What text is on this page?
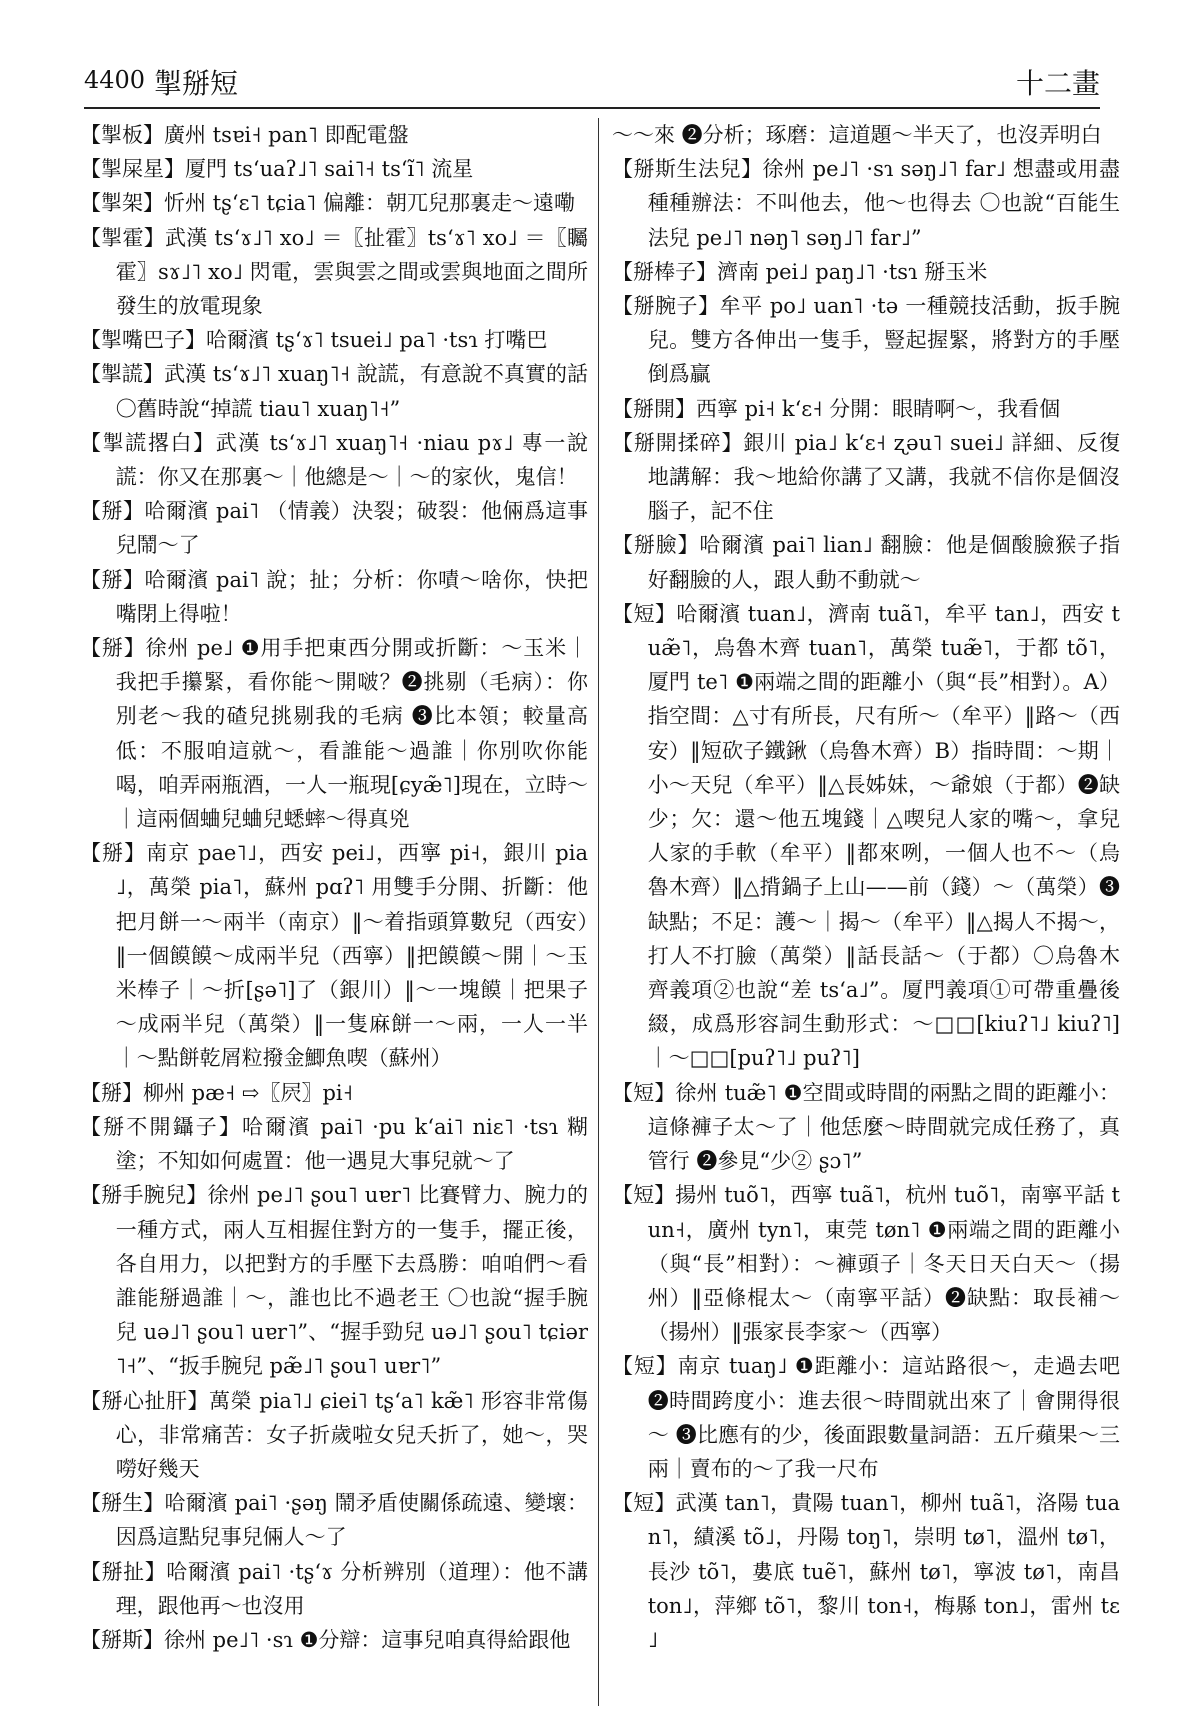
4400 掣掰短	十二畫
【掣板】廣州 tsɐi˧ pan˥ 即配電盤
【掣屎星】厦門 tsʻuaʔ˩˥ sai˥˧ tsʻĩ˥ 流星
【掣架】忻州 tʂʻɛ˥ tɕia˥ 偏離：朝兀兒那裏走～遠嘞
【掣霍】武漢 tsʻɤ˩˥ xo˩ ＝〖扯霍〗tsʻɤ˥ xo˩ ＝〖矚霍〗sɤ˩˥ xo˩ 閃電，雲與雲之間或雲與地面之間所發生的放電現象
【掣嘴巴子】哈爾濱 tʂʻɤ˥ tsuei˩ pa˥ ·tsɿ 打嘴巴
【掣謊】武漢 tsʻɤ˩˥ xuaŋ˥˧ 說謊，有意說不真實的話 〇舊時說“掉謊 tiau˥ xuaŋ˥˧”
【掣謊撂白】武漢 tsʻɤ˩˥ xuaŋ˥˧ ·niau pɤ˩ 專一說謊：你又在那裏～｜他總是～｜～的家伙，鬼信！
【掰】哈爾濱 pai˥ （情義）決裂；破裂：他倆爲這事兒鬧～了
【掰】哈爾濱 pai˥ 說；扯；分析：你嘖～啥你，快把嘴閉上得啦！
【掰】徐州 pe˩ ❶用手把東西分開或折斷：～玉米｜我把手攥緊，看你能～開啵？❷挑剔（毛病）：你別老～我的碴兒挑剔我的毛病 ❸比本領；較量高低：不服咱這就～，看誰能～過誰｜你別吹你能喝，咱弄兩瓶酒，一人一瓶現[ɕyæ̃˥]現在，立時～｜這兩個蛐兒蛐兒蟋蟀～得真兇
【掰】南京 pae˥˩，西安 pei˩，西寧 pi˧，銀川 pia˩，萬榮 pia˥，蘇州 pɑʔ˥ 用雙手分開、折斷：他把月餅一～兩半（南京）‖～着指頭算數兒（西安）‖一個饃饃～成兩半兒（西寧）‖把饃饃～開｜～玉米棒子｜～折[ʂə˥]了（銀川）‖～一塊饃｜把果子～成兩半兒（萬榮）‖一隻麻餅一～兩，一人一半｜～點餅乾屑粒撥金鯽魚喫（蘇州）
【掰】柳州 pæ˧ ⇨〖屄〗pi˧
【掰不開鑷子】哈爾濱 pai˥ ·pu kʻai˥ niɛ˥ ·tsɿ 糊塗；不知如何處置：他一遇見大事兒就～了
【掰手腕兒】徐州 pe˩˥ ʂou˥ uɐr˥ 比賽臂力、腕力的一種方式，兩人互相握住對方的一隻手，擺正後，各自用力，以把對方的手壓下去爲勝：咱咱們～看誰能掰過誰｜～，誰也比不過老王 〇也說“握手腕兒 uə˩˥ ʂou˥ uɐr˥”、“握手勁兒 uə˩˥ ʂou˥ tɕiər˥˧”、“扳手腕兒 pæ̃˩˥ ʂou˥ uɐr˥”
【掰心扯肝】萬榮 pia˥˩ ɕiei˥ tʂʻa˥ kæ̃˥ 形容非常傷心，非常痛苦：女子折歲啦女兒夭折了，她～，哭嘮好幾天
【掰生】哈爾濱 pai˥ ·ʂəŋ 鬧矛盾使關係疏遠、變壞：因爲這點兒事兒倆人～了
【掰扯】哈爾濱 pai˥ ·tʂʻɤ 分析辨別（道理）：他不講理，跟他再～也沒用
【掰斯】徐州 pe˩˥ ·sɿ ❶分辯：這事兒咱真得給跟他
～～來 ❷分析；琢磨：這道題～半天了，也沒弄明白
【掰斯生法兒】徐州 pe˩˥ ·sɿ səŋ˩˥ far˩ 想盡或用盡種種辦法：不叫他去，他～也得去 〇也說“百能生法兒 pe˩˥ nəŋ˥ səŋ˩˥ far˩”
【掰棒子】濟南 pei˩ paŋ˩˥ ·tsɿ 掰玉米
【掰腕子】牟平 po˩ uan˥ ·tə 一種競技活動，扳手腕兒。雙方各伸出一隻手，豎起握緊，將對方的手壓倒爲贏
【掰開】西寧 pi˧ kʻɛ˧ 分開：眼睛啊～，我看個
【掰開揉碎】銀川 pia˩ kʻɛ˧ ʐəu˥ suei˩ 詳細、反復地講解：我～地給你講了又講，我就不信你是個沒腦子，記不住
【掰臉】哈爾濱 pai˥ lian˩ 翻臉：他是個酸臉猴子指好翻臉的人，跟人動不動就～
【短】哈爾濱 tuan˩，濟南 tuã˥，牟平 tan˩，西安 tuæ̃˥，烏魯木齊 tuan˥，萬榮 tuæ̃˥，于都 tõ˥，厦門 te˥ ❶兩端之間的距離小（與“長”相對）。A）指空間：△寸有所長，尺有所～（牟平）‖路～（西安）‖短砍子鐵鍬（烏魯木齊）B）指時間：～期｜小～天兒（牟平）‖△長姊妹，～爺娘（于都）❷缺少；欠：還～他五塊錢｜△喫兒人家的嘴～，拿兒人家的手軟（牟平）‖都來咧，一個人也不～（烏魯木齊）‖△揹鍋子上山——前（錢）～（萬榮）❸缺點；不足：護～｜揭～（牟平）‖△揭人不揭～，打人不打臉（萬榮）‖話長話～（于都）〇烏魯木齊義項②也說“差 tsʻa˩”。厦門義項①可帶重疊後綴，成爲形容詞生動形式：～□□[kiuʔ˥˩ kiuʔ˥]｜～□□[puʔ˥˩ puʔ˥]
【短】徐州 tuæ̃˥ ❶空間或時間的兩點之間的距離小：這條褲子太～了｜他恁麼～時間就完成任務了，真管行 ❷參見“少② ʂɔ˥”
【短】揚州 tuõ˥，西寧 tuã˥，杭州 tuõ˥，南寧平話 tun˧，廣州 tyn˥，東莞 tøn˥ ❶兩端之間的距離小（與“長”相對）：～褲頭子｜冬天日天白天～（揚州）‖亞條棍太～（南寧平話）❷缺點：取長補～（揚州）‖張家長李家～（西寧）
【短】南京 tuaŋ˩ ❶距離小：這站路很～，走過去吧 ❷時間跨度小：進去很～時間就出來了｜會開得很～ ❸比應有的少，後面跟數量詞語：五斤蘋果～三兩｜賣布的～了我一尺布
【短】武漢 tan˥，貴陽 tuan˥，柳州 tuã˥，洛陽 tuan˥，績溪 tõ˩，丹陽 toŋ˥，崇明 tø˥，溫州 tø˥，長沙 tõ˥，婁底 tuẽ˥，蘇州 tø˥，寧波 tø˥，南昌 ton˩，萍鄉 tõ˥，黎川 ton˧，梅縣 ton˩，雷州 tɛ˩
